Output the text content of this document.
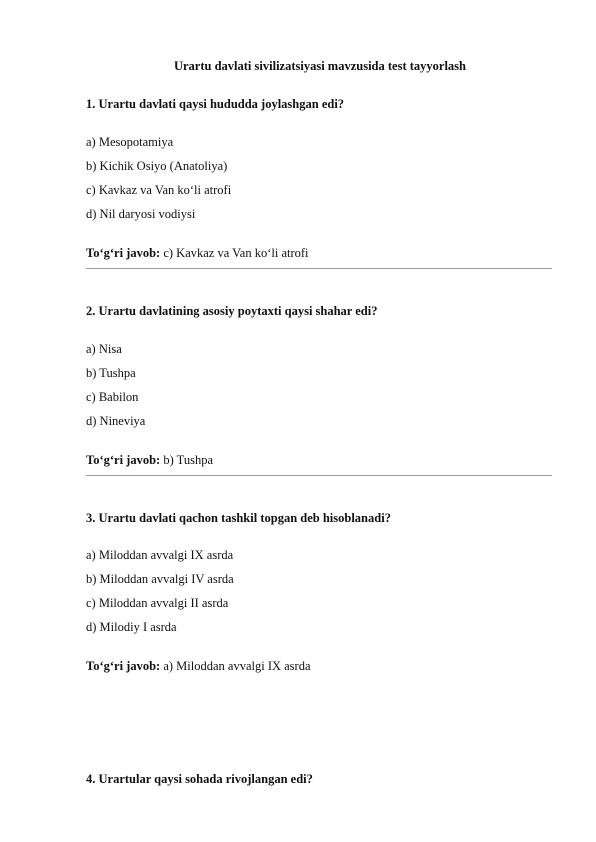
Urartu davlati sivilizatsiyasi mavzusida test tayyorlash
1. Urartu davlati qaysi hududda joylashgan edi?
a) Mesopotamiya
b) Kichik Osiyo (Anatoliya)
c) Kavkaz va Van ko‘li atrofi
d) Nil daryosi vodiysi
To‘g‘ri javob: c) Kavkaz va Van ko‘li atrofi
2. Urartu davlatining asosiy poytaxti qaysi shahar edi?
a) Nisa
b) Tushpa
c) Babilon
d) Nineviya
To‘g‘ri javob: b) Tushpa
3. Urartu davlati qachon tashkil topgan deb hisoblanadi?
a) Miloddan avvalgi IX asrda
b) Miloddan avvalgi IV asrda
c) Miloddan avvalgi II asrda
d) Milodiy I asrda
To‘g‘ri javob: a) Miloddan avvalgi IX asrda
4. Urartular qaysi sohada rivojlangan edi?
